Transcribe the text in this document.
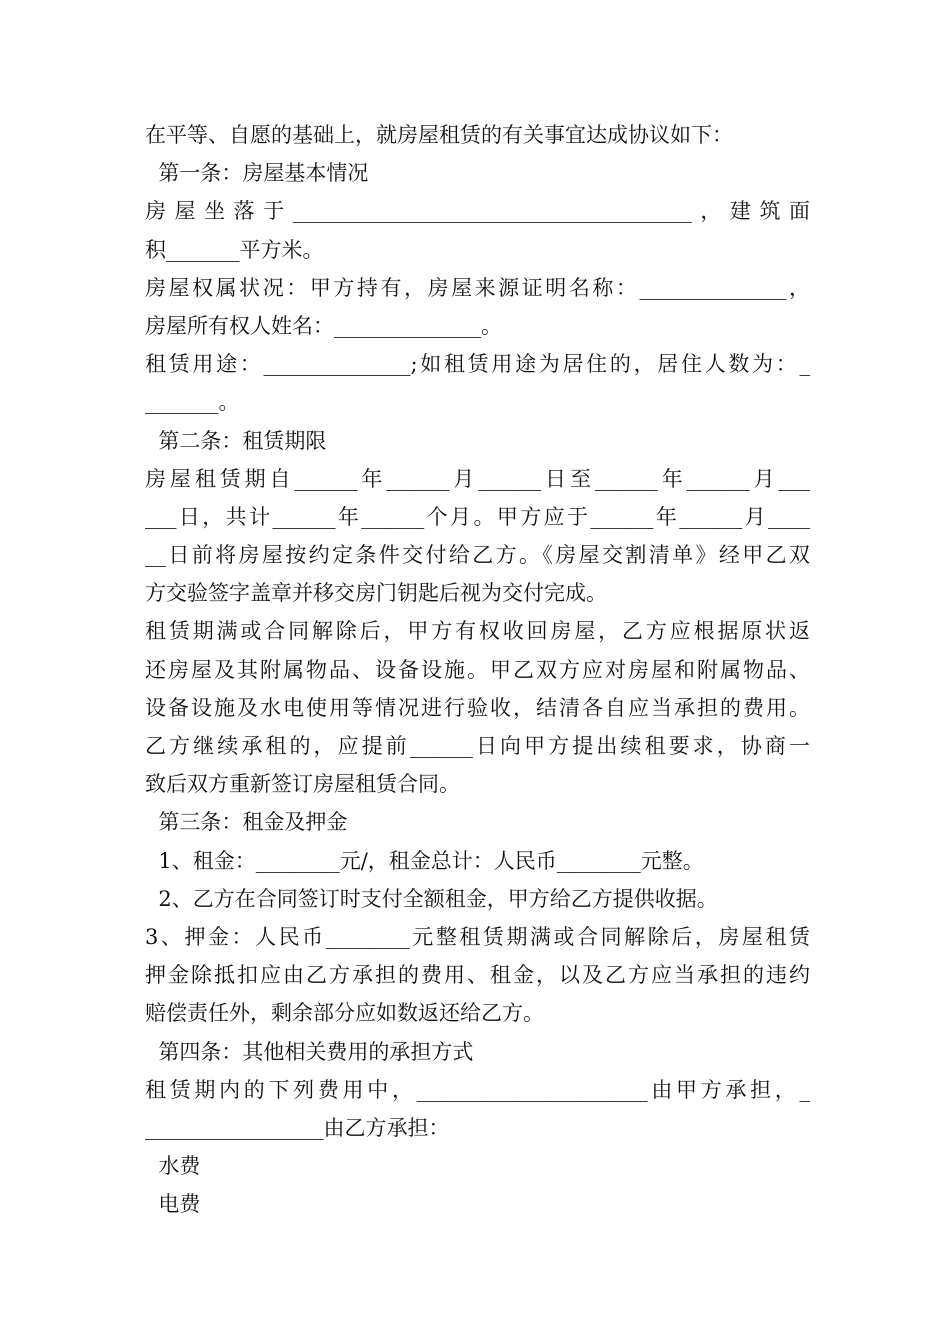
在平等、自愿的基础上，就房屋租赁的有关事宜达成协议如下：
第一条：房屋基本情况
房屋坐落于______________________________________，建筑面
积_______平方米。
房屋权属状况：甲方持有，房屋来源证明名称：______________，
房屋所有权人姓名：______________。
租赁用途：______________;如租赁用途为居住的，居住人数为：_
_______。
第二条：租赁期限
房屋租赁期自______年______月______日至______年______月___
___日，共计______年______个月。甲方应于______年______月____
__日前将房屋按约定条件交付给乙方。《房屋交割清单》经甲乙双
方交验签字盖章并移交房门钥匙后视为交付完成。
租赁期满或合同解除后，甲方有权收回房屋，乙方应根据原状返
还房屋及其附属物品、设备设施。甲乙双方应对房屋和附属物品、
设备设施及水电使用等情况进行验收，结清各自应当承担的费用。
乙方继续承租的，应提前______日向甲方提出续租要求，协商一
致后双方重新签订房屋租赁合同。
第三条：租金及押金
1、租金：________元/，租金总计：人民币________元整。
2、乙方在合同签订时支付全额租金，甲方给乙方提供收据。
3、押金：人民币________元整租赁期满或合同解除后，房屋租赁
押金除抵扣应由乙方承担的费用、租金，以及乙方应当承担的违约
赔偿责任外，剩余部分应如数返还给乙方。
第四条：其他相关费用的承担方式
租赁期内的下列费用中，______________________由甲方承担，_
_________________由乙方承担：
水费
电费
